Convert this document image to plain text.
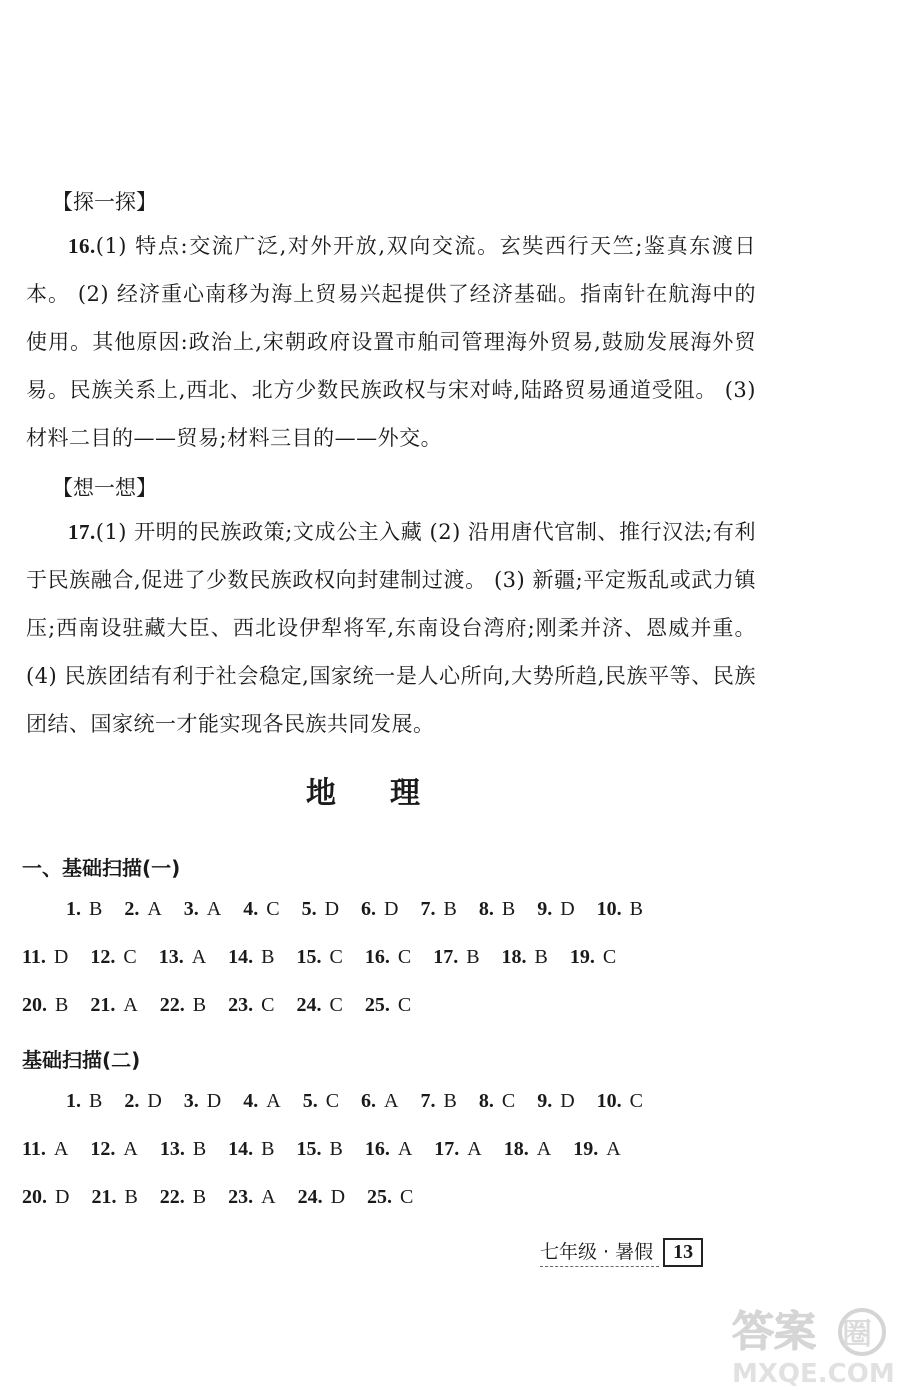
【探一探】

16.(1) 特点:交流广泛,对外开放,双向交流。玄奘西行天竺;鉴真东渡日本。 (2) 经济重心南移为海上贸易兴起提供了经济基础。指南针在航海中的使用。其他原因:政治上,宋朝政府设置市舶司管理海外贸易,鼓励发展海外贸易。民族关系上,西北、北方少数民族政权与宋对峙,陆路贸易通道受阻。 (3) 材料二目的——贸易;材料三目的——外交。

【想一想】

17.(1) 开明的民族政策;文成公主入藏 (2) 沿用唐代官制、推行汉法;有利于民族融合,促进了少数民族政权向封建制过渡。 (3) 新疆;平定叛乱或武力镇压;西南设驻藏大臣、西北设伊犁将军,东南设台湾府;刚柔并济、恩威并重。 (4) 民族团结有利于社会稳定,国家统一是人心所向,大势所趋,民族平等、民族团结、国家统一才能实现各民族共同发展。

地理
一、基础扫描(一)
1. B 2. A 3. A 4. C 5. D 6. D 7. B 8. B 9. D 10. B
11. D 12. C 13. A 14. B 15. C 16. C 17. B 18. B 19. C
20. B 21. A 22. B 23. C 24. C 25. C
基础扫描(二)
1. B 2. D 3. D 4. A 5. C 6. A 7. B 8. C 9. D 10. C
11. A 12. A 13. B 14. B 15. B 16. A 17. A 18. A 19. A
20. D 21. B 22. B 23. A 24. D 25. C
七年级 · 暑假	13
答案 圈
MXQE.COM
